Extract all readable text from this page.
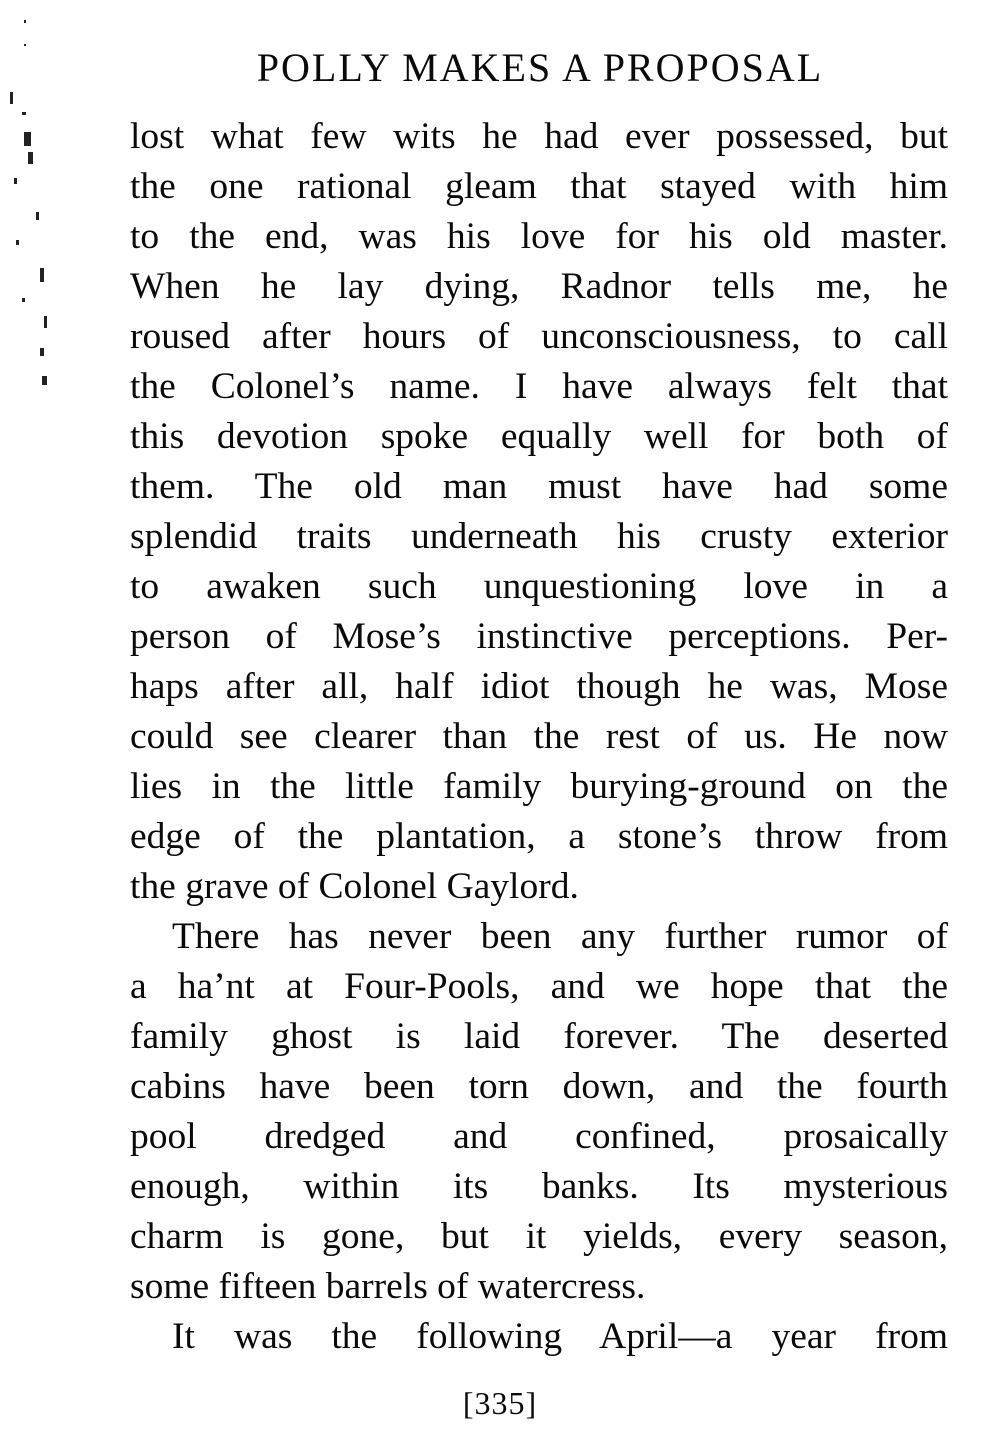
POLLY MAKES A PROPOSAL
lost what few wits he had ever possessed, but
the one rational gleam that stayed with him
to the end, was his love for his old master.
When he lay dying, Radnor tells me, he
roused after hours of unconsciousness, to call
the Colonel’s name. I have always felt that
this devotion spoke equally well for both of
them. The old man must have had some
splendid traits underneath his crusty exterior
to awaken such unquestioning love in a
person of Mose’s instinctive perceptions. Per-
haps after all, half idiot though he was, Mose
could see clearer than the rest of us. He now
lies in the little family burying-ground on the
edge of the plantation, a stone’s throw from
the grave of Colonel Gaylord.
There has never been any further rumor of
a ha’nt at Four-Pools, and we hope that the
family ghost is laid forever. The deserted
cabins have been torn down, and the fourth
pool dredged and confined, prosaically
enough, within its banks. Its mysterious
charm is gone, but it yields, every season,
some fifteen barrels of watercress.
It was the following April—a year from
[335]
